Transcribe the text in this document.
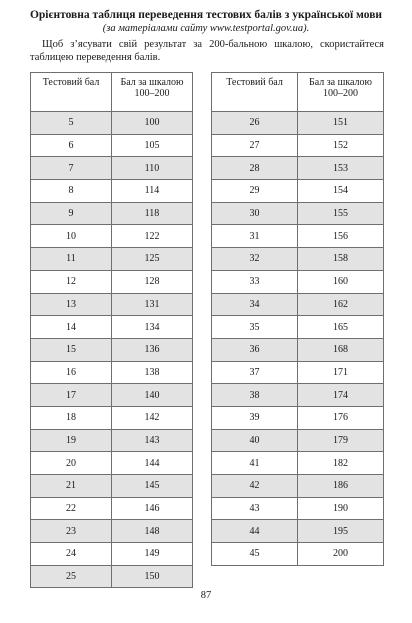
Орієнтовна таблиця переведення тестових балів з української мови
(за матеріалами сайту www.testportal.gov.ua).
Щоб з’ясувати свій результат за 200-бальною шкалою, скористайтеся таблицею переведення балів.
Тестовий бал	Бал за шкалою
100–200
5	100
6	105
7	110
8	114
9	118
10	122
11	125
12	128
13	131
14	134
15	136
16	138
17	140
18	142
19	143
20	144
21	145
22	146
23	148
24	149
25	150
Тестовий бал	Бал за шкалою
100–200
26	151
27	152
28	153
29	154
30	155
31	156
32	158
33	160
34	162
35	165
36	168
37	171
38	174
39	176
40	179
41	182
42	186
43	190
44	195
45	200
87
